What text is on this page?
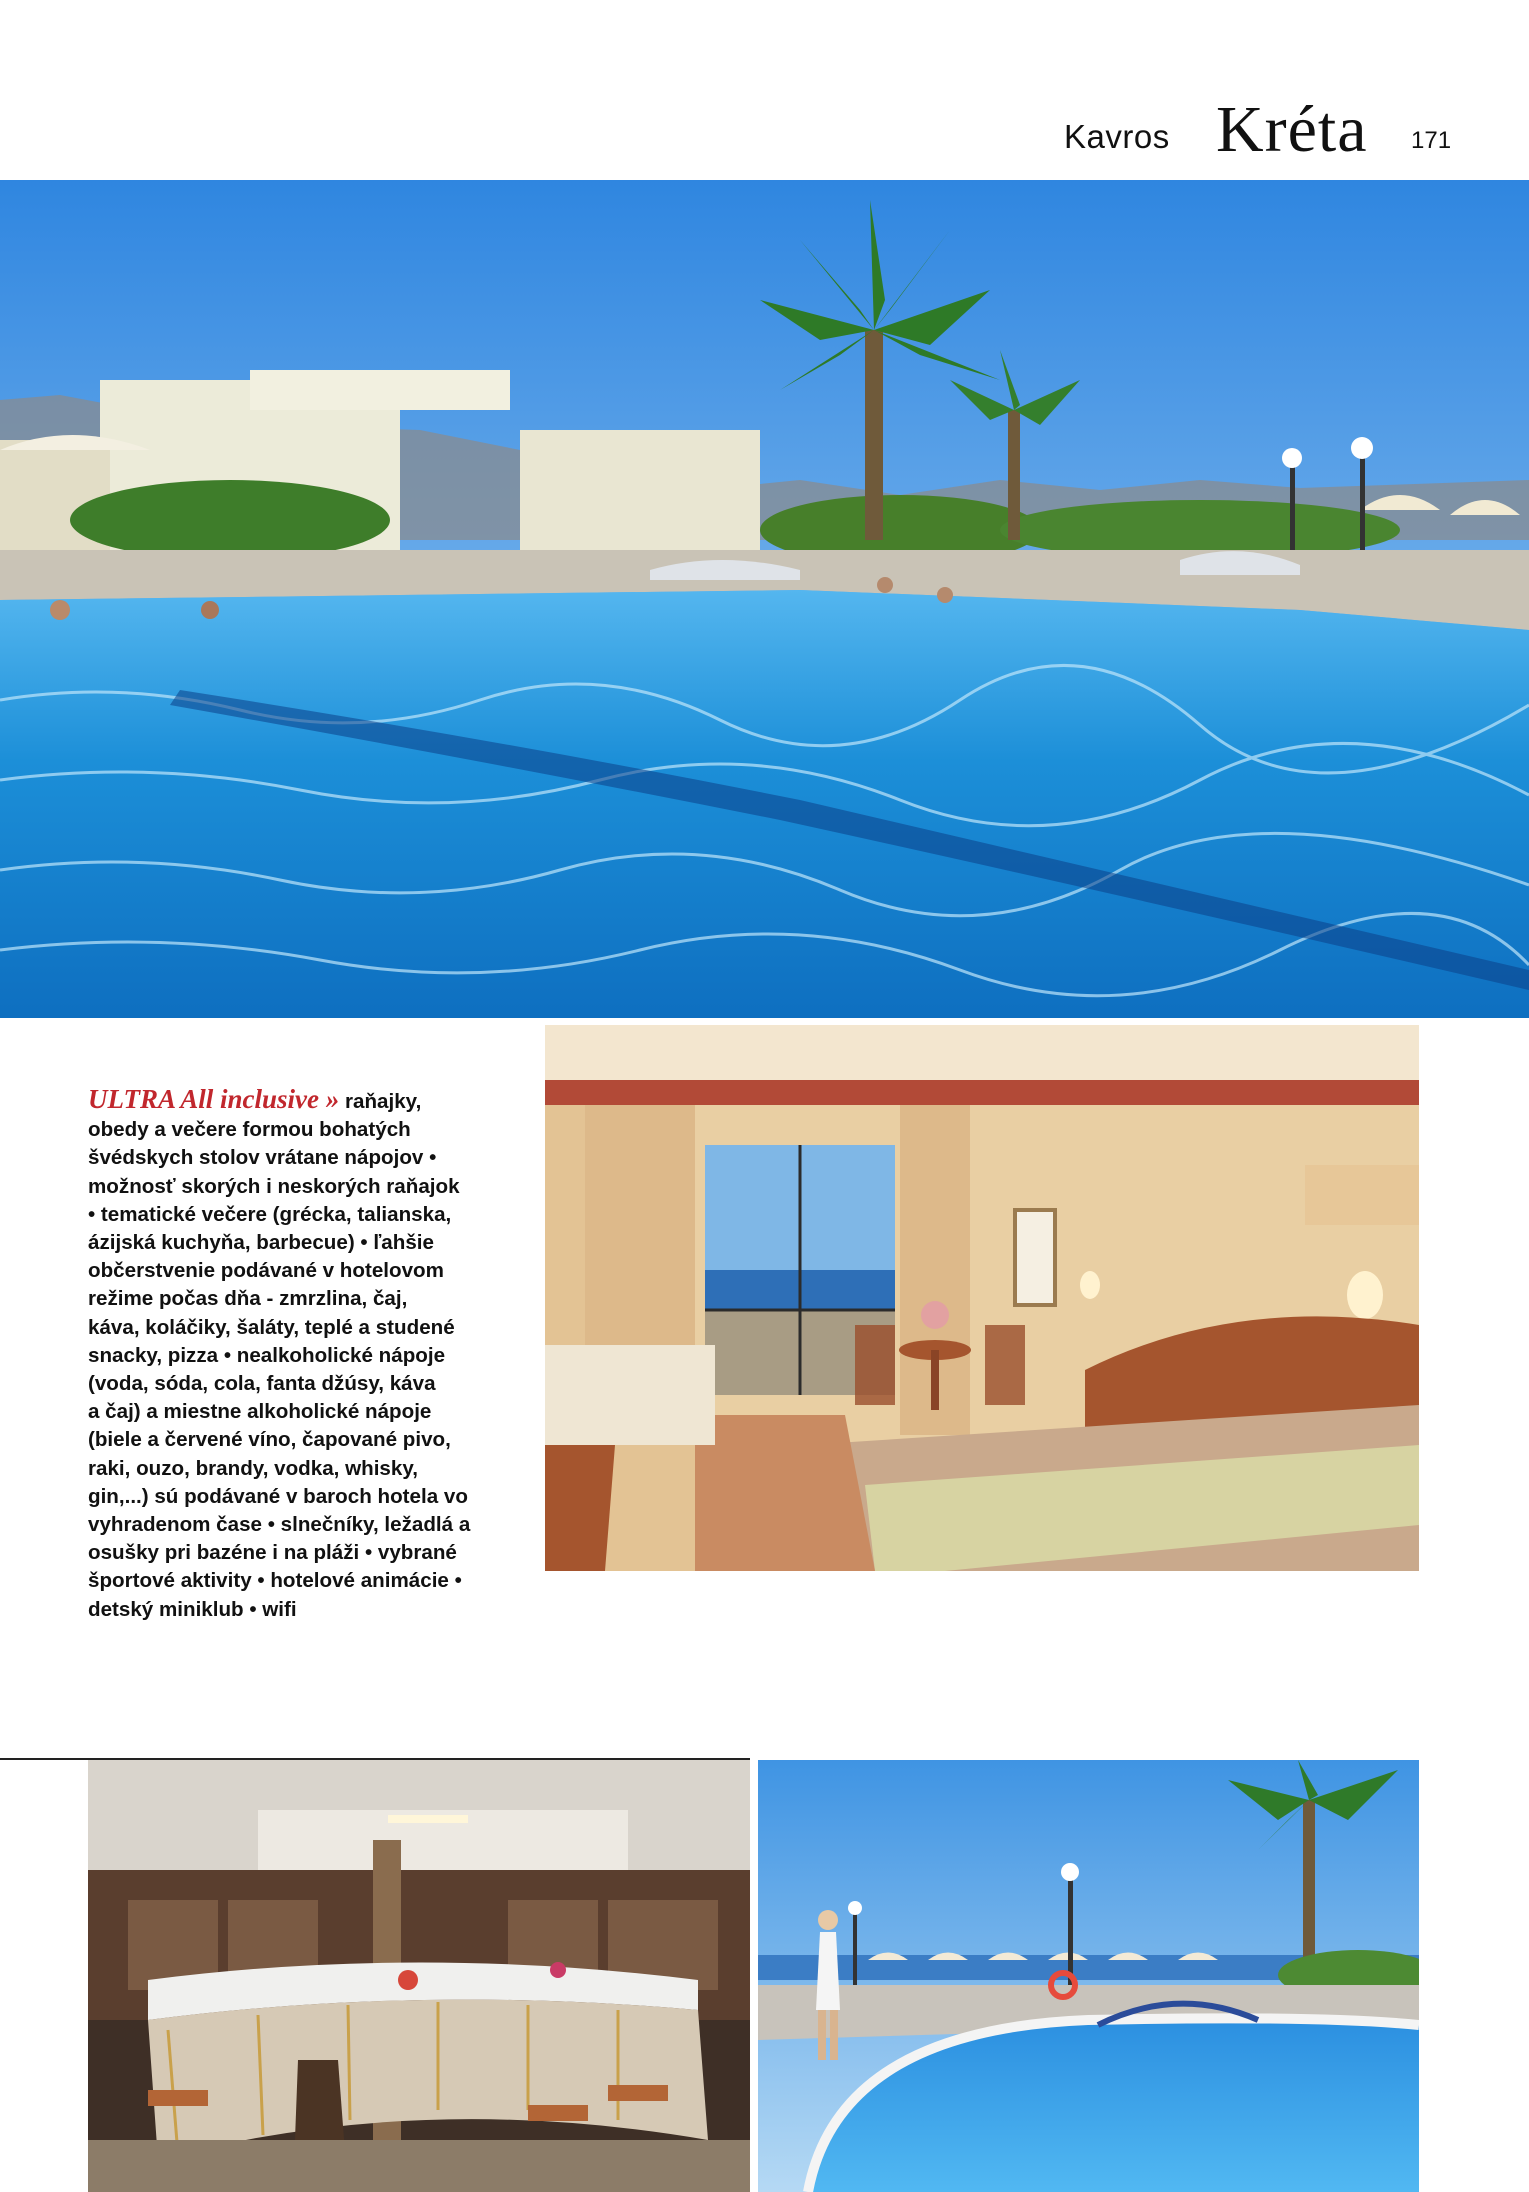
Kavros Kréta 171
ULTRA All inclusive » raňajky,
obedy a večere formou bohatých
švédskych stolov vrátane nápojov •
možnosť skorých i neskorých raňajok
• tematické večere (grécka, talianska,
ázijská kuchyňa, barbecue) • ľahšie
občerstvenie podávané v hotelovom
režime počas dňa - zmrzlina, čaj,
káva, koláčiky, šaláty, teplé a studené
snacky, pizza • nealkoholické nápoje
(voda, sóda, cola, fanta džúsy, káva
a čaj) a miestne alkoholické nápoje
(biele a červené víno, čapované pivo,
raki, ouzo, brandy, vodka, whisky,
gin,...) sú podávané v baroch hotela vo
vyhradenom čase • slnečníky, ležadlá a
osušky pri bazéne i na pláži • vybrané
športové aktivity • hotelové animácie •
detský miniklub • wifi
